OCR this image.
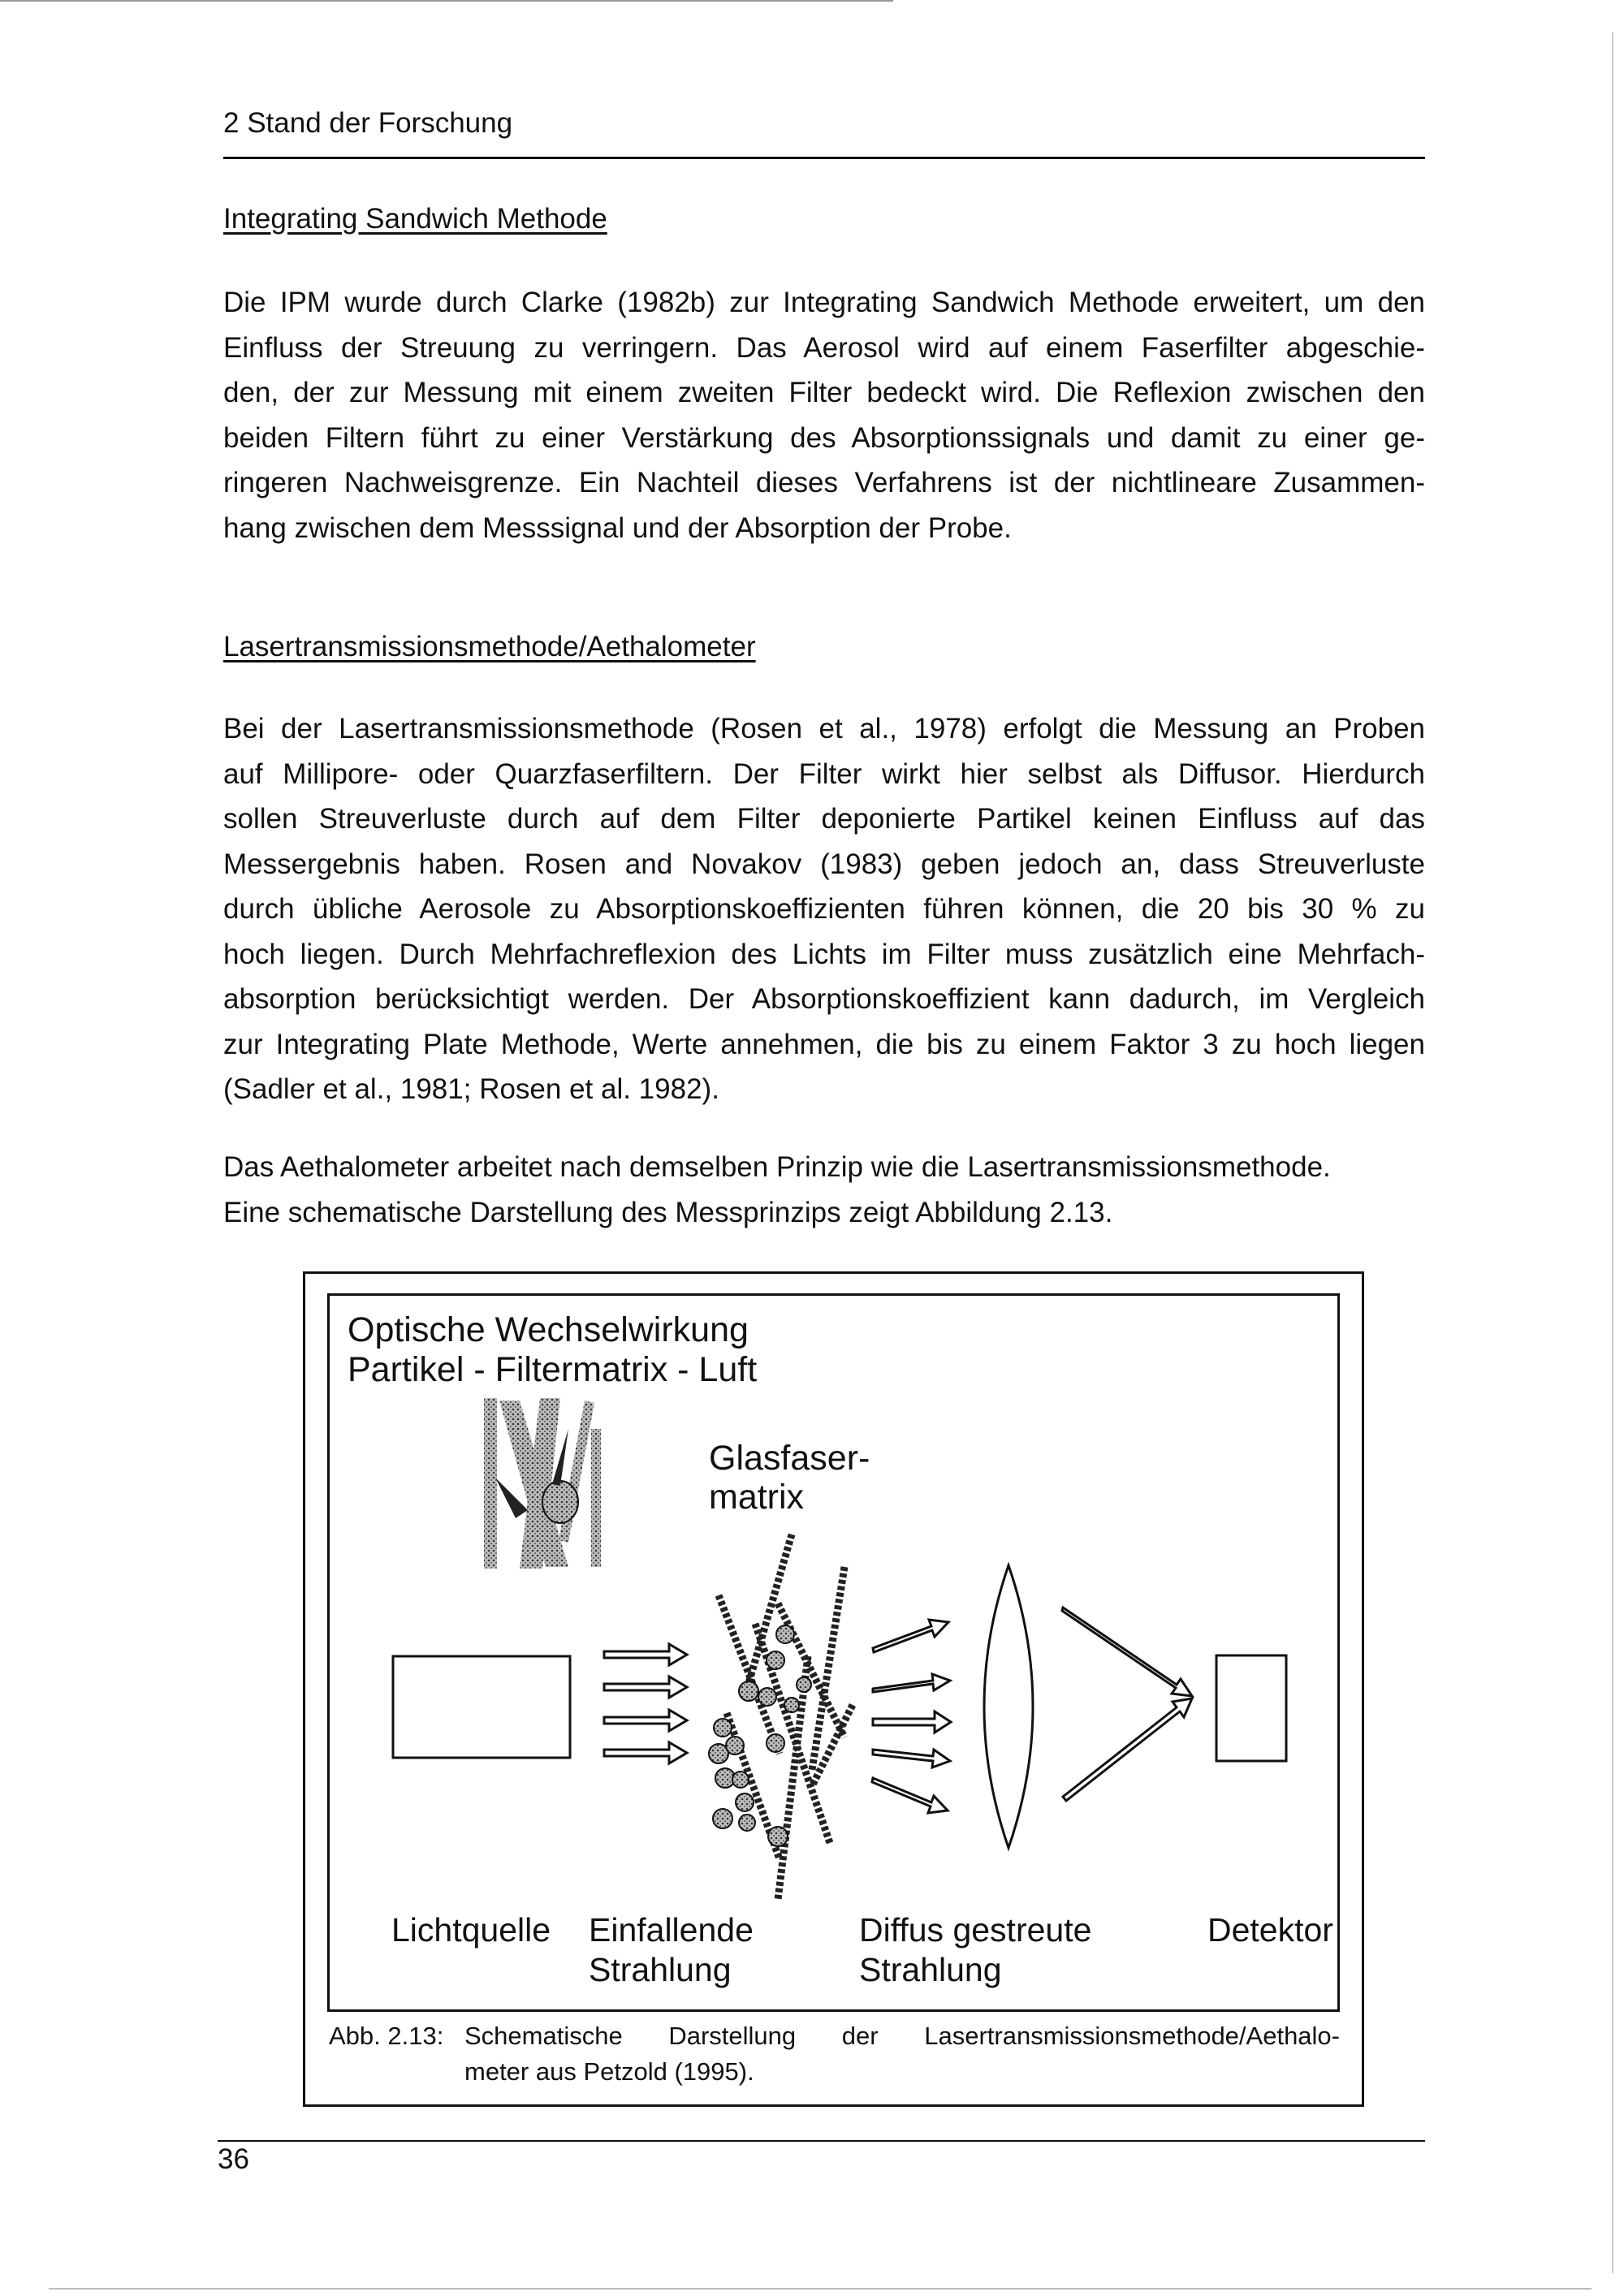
2 Stand der Forschung
Integrating Sandwich Methode
Die IPM wurde durch Clarke (1982b) zur Integrating Sandwich Methode erweitert, um den
Einfluss der Streuung zu verringern. Das Aerosol wird auf einem Faserfilter abgeschie-
den, der zur Messung mit einem zweiten Filter bedeckt wird. Die Reflexion zwischen den
beiden Filtern führt zu einer Verstärkung des Absorptionssignals und damit zu einer ge-
ringeren Nachweisgrenze. Ein Nachteil dieses Verfahrens ist der nichtlineare Zusammen-
hang zwischen dem Messsignal und der Absorption der Probe.
Lasertransmissionsmethode/Aethalometer
Bei der Lasertransmissionsmethode (Rosen et al., 1978) erfolgt die Messung an Proben
auf Millipore- oder Quarzfaserfiltern. Der Filter wirkt hier selbst als Diffusor. Hierdurch
sollen Streuverluste durch auf dem Filter deponierte Partikel keinen Einfluss auf das
Messergebnis haben. Rosen and Novakov (1983) geben jedoch an, dass Streuverluste
durch übliche Aerosole zu Absorptionskoeffizienten führen können, die 20 bis 30 % zu
hoch liegen. Durch Mehrfachreflexion des Lichts im Filter muss zusätzlich eine Mehrfach-
absorption berücksichtigt werden. Der Absorptionskoeffizient kann dadurch, im Vergleich
zur Integrating Plate Methode, Werte annehmen, die bis zu einem Faktor 3 zu hoch liegen
(Sadler et al., 1981; Rosen et al. 1982).
Das Aethalometer arbeitet nach demselben Prinzip wie die Lasertransmissionsmethode.
Eine schematische Darstellung des Messprinzips zeigt Abbildung 2.13.
Optische Wechselwirkung
Partikel - Filtermatrix - Luft
Glasfaser-
matrix
Lichtquelle Einfallende
Strahlung
Diffus gestreute
Strahlung
Detektor
Abb. 2.13: Schematische Darstellung der Lasertransmissionsmethode/Aethalo-
meter aus Petzold (1995).
36
